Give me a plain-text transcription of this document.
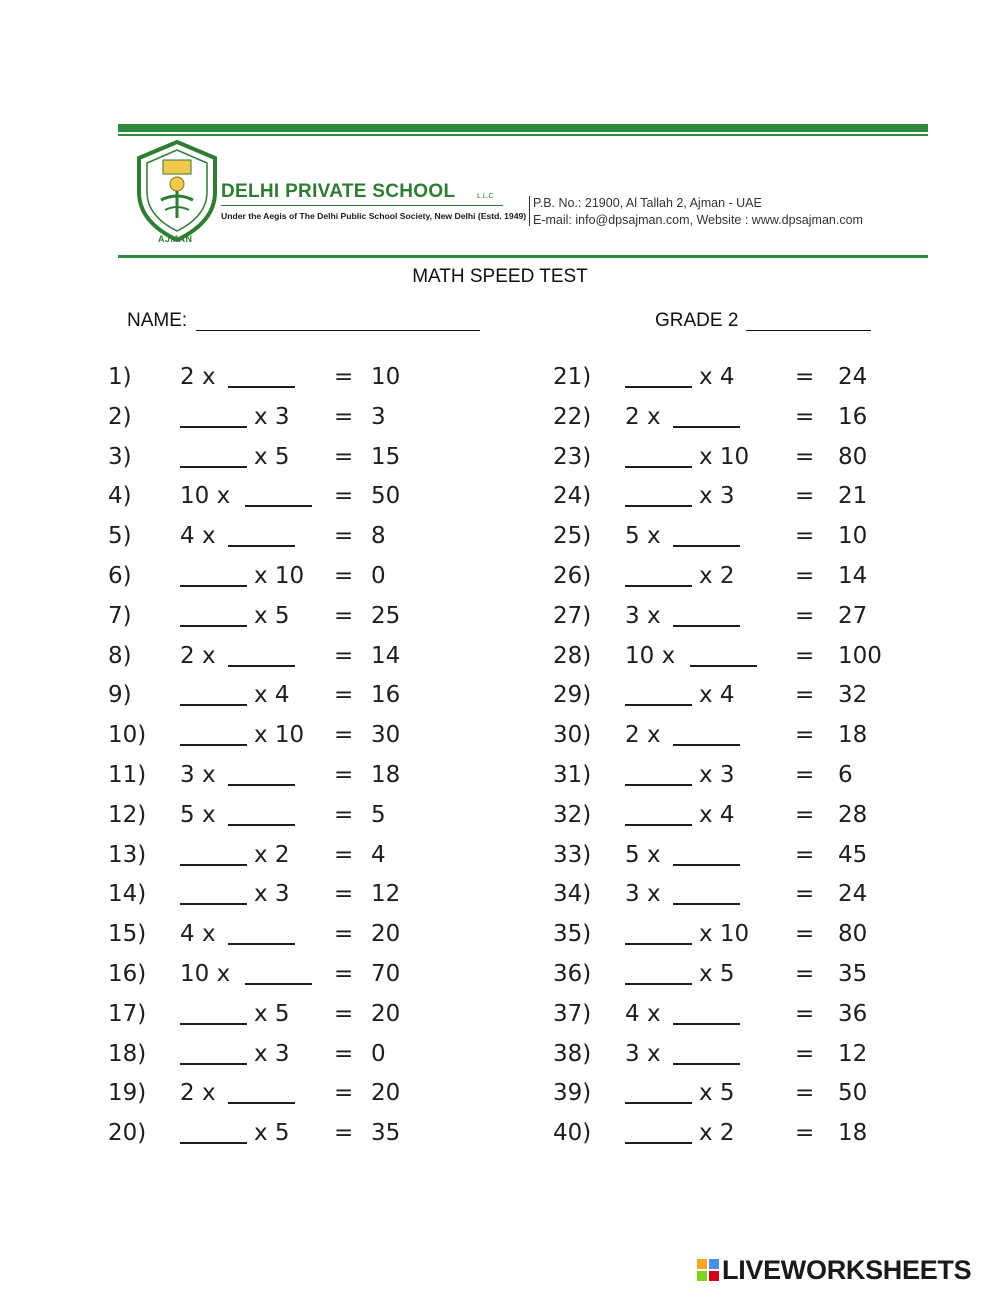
AJMAN
DELHI PRIVATE SCHOOL	L.L.C
Under the Aegis of The Delhi Public School Society, New Delhi (Estd. 1949)
P.B. No.: 21900, Al Tallah 2, Ajman - UAE
E-mail: info@dpsajman.com, Website : www.dpsajman.com
MATH SPEED TEST
NAME:	GRADE 2
1) 2 x	= 10
2)	x 3 = 3
3)	x 5 = 15
4) 10 x	= 50
5) 4 x	= 8
6)	x 10 = 0
7)	x 5 = 25
8) 2 x	= 14
9)	x 4 = 16
10)	x 10 = 30
11) 3 x	= 18
12) 5 x	= 5
13)	x 2 = 4
14)	x 3 = 12
15) 4 x	= 20
16) 10 x	= 70
17)	x 5 = 20
18)	x 3 = 0
19) 2 x	= 20
20)	x 5 = 35
21)	x 4	= 24
22) 2 x	= 16
23)	x 10 = 80
24)	x 3	= 21
25) 5 x	= 10
26)	x 2	= 14
27) 3 x	= 27
28) 10 x	= 100
29)	x 4	= 32
30) 2 x	= 18
31)	x 3	= 6
32)	x 4	= 28
33) 5 x	= 45
34) 3 x	= 24
35)	x 10 = 80
36)	x 5	= 35
37) 4 x	= 36
38) 3 x	= 12
39)	x 5	= 50
40)	x 2	= 18
LIVEWORKSHEETS
